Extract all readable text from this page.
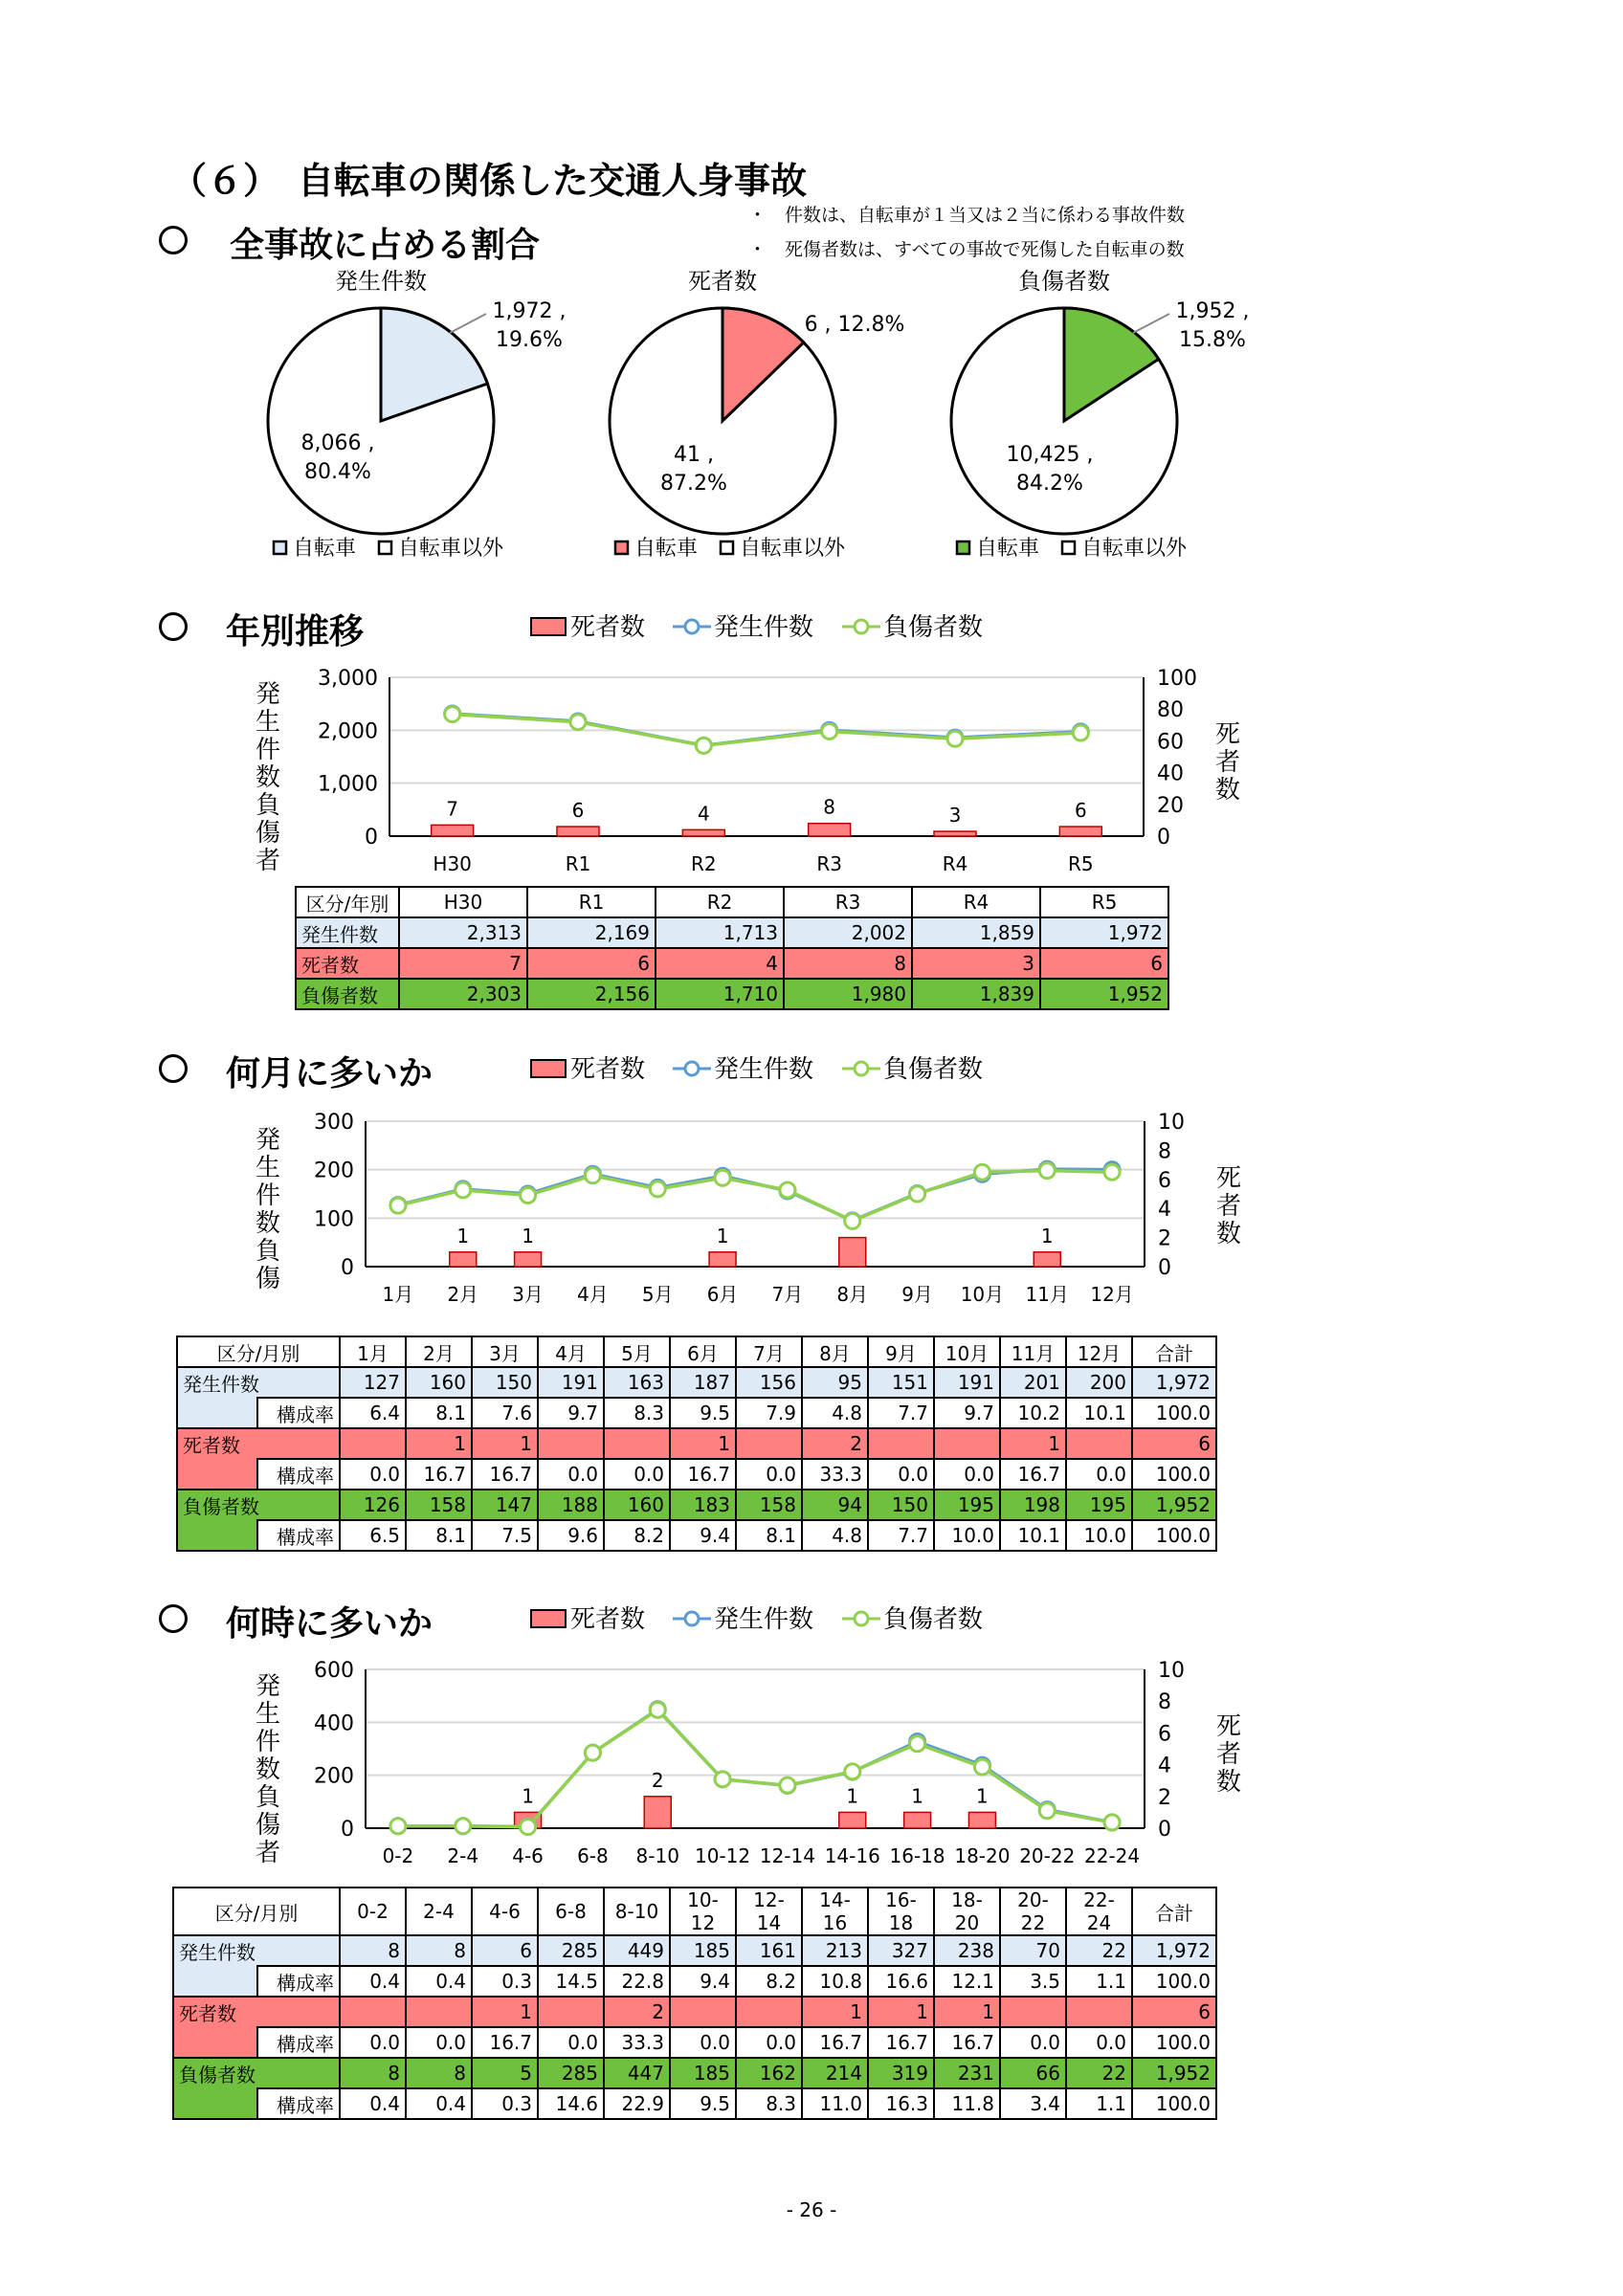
（６）　自転車の関係した交通人身事故
・　件数は、自転車が１当又は２当に係わる事故件数
・　死傷者数は、すべての事故で死傷した自転車の数
全事故に占める割合
発生件数
1,972 ,
19.6%
8,066 ,
80.4%
自転車 自転車以外
死者数
6 , 12.8%
41 ,
87.2%
自転車 自転車以外
負傷者数
1,952 ,
15.8%
10,425 ,
84.2%
自転車 自転車以外
年別推移	死者数	発生件数	負傷者数
0
1,000
2,000
3,000
0
20
40
60
80
100
発
生
件
数
負
傷
者
死
者
数
H30	R1	R2	R3	R4	R5
7	6	4	8	3	6
区分/年別	H30	R1	R2	R3	R4	R5
発生件数	2,313	2,169	1,713	2,002	1,859	1,972
死者数	7	6	4	8	3	6
負傷者数	2,303	2,156	1,710	1,980	1,839	1,952
何月に多いか	死者数	発生件数	負傷者数
0
100
200
300
0
2
4
6
8
10
発
生
件
数
負
傷
死
者
数
1月 2月 3月 4月 5月 6月 7月 8月 9月 10月 11月 12月
1	1	1	1
区分/月別		1月	2月	3月	4月	5月	6月	7月	8月	9月	10月	11月	12月	合計
発生件数		127	160	150	191	163	187	156	95	151	191	201	200	1,972
	構成率	6.4	8.1	7.6	9.7	8.3	9.5	7.9	4.8	7.7	9.7	10.2	10.1	100.0
死者数			1	1			1		2			1		6
	構成率	0.0	16.7	16.7	0.0	0.0	16.7	0.0	33.3	0.0	0.0	16.7	0.0	100.0
負傷者数		126	158	147	188	160	183	158	94	150	195	198	195	1,952
	構成率	6.5	8.1	7.5	9.6	8.2	9.4	8.1	4.8	7.7	10.0	10.1	10.0	100.0
何時に多いか	死者数	発生件数	負傷者数
0
200
400
600
0
2
4
6
8
10
発
生
件
数
負
傷
者
死
者
数
0-2 2-4 4-6 6-8 8-10 10-12 12-14 14-16 16-18 18-20 20-22 22-24
1
2
1	1	1
区分/月別		0-2	2-4	4-6	6-8	8-10	10-12	12-14	14-16	16-18	18-20	20-22	22-24	合計
発生件数		8	8	6	285	449	185	161	213	327	238	70	22	1,972
	構成率	0.4	0.4	0.3	14.5	22.8	9.4	8.2	10.8	16.6	12.1	3.5	1.1	100.0
死者数				1		2			1	1	1			6
	構成率	0.0	0.0	16.7	0.0	33.3	0.0	0.0	16.7	16.7	16.7	0.0	0.0	100.0
負傷者数		8	8	5	285	447	185	162	214	319	231	66	22	1,952
	構成率	0.4	0.4	0.3	14.6	22.9	9.5	8.3	11.0	16.3	11.8	3.4	1.1	100.0
- 26 -
